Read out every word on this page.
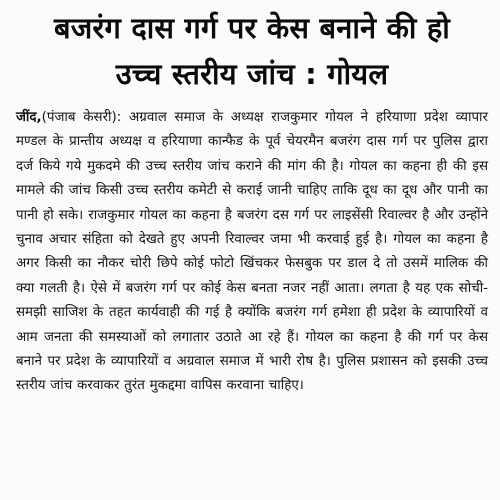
बजरंग दास गर्ग पर केस बनाने की हो
उच्च स्तरीय जांच : गोयल
जींद,(पंजाब केसरी): अग्रवाल समाज के अध्यक्ष राजकुमार गोयल ने हरियाणा प्रदेश व्यापार मण्डल के प्रान्तीय अध्यक्ष व हरियाणा कान्फैड के पूर्व चेयरमैन बजरंग दास गर्ग पर पुलिस द्वारा दर्ज किये गये मुकदमे की उच्च स्तरीय जांच कराने की मांग की है। गोयल का कहना ही की इस मामले की जांच किसी उच्च स्तरीय कमेटी से कराई जानी चाहिए ताकि दूध का दूध और पानी का पानी हो सके। राजकुमार गोयल का कहना है बजरंग दस गर्ग पर लाइसेंसी रिवाल्वर है और उन्होंने चुनाव अचार संहिता को देखते हुए अपनी रिवाल्वर जमा भी करवाई हुई है। गोयल का कहना है अगर किसी का नौकर चोरी छिपे कोई फोटो खिंचकर फेसबुक पर डाल दे तो उसमें मालिक की क्या गलती है। ऐसे में बजरंग गर्ग पर कोई केस बनता नजर नहीं आता। लगता है यह एक सोची-समझी साजिश के तहत कार्यवाही की गई है क्योंकि बजरंग गर्ग हमेशा ही प्रदेश के व्यापारियों व आम जनता की समस्याओं को लगातार उठाते आ रहे हैं। गोयल का कहना है की गर्ग पर केस बनाने पर प्रदेश के व्यापारियों व अग्रवाल समाज में भारी रोष है। पुलिस प्रशासन को इसकी उच्च स्तरीय जांच करवाकर तुरंत मुकद्दमा वापिस करवाना चाहिए।
